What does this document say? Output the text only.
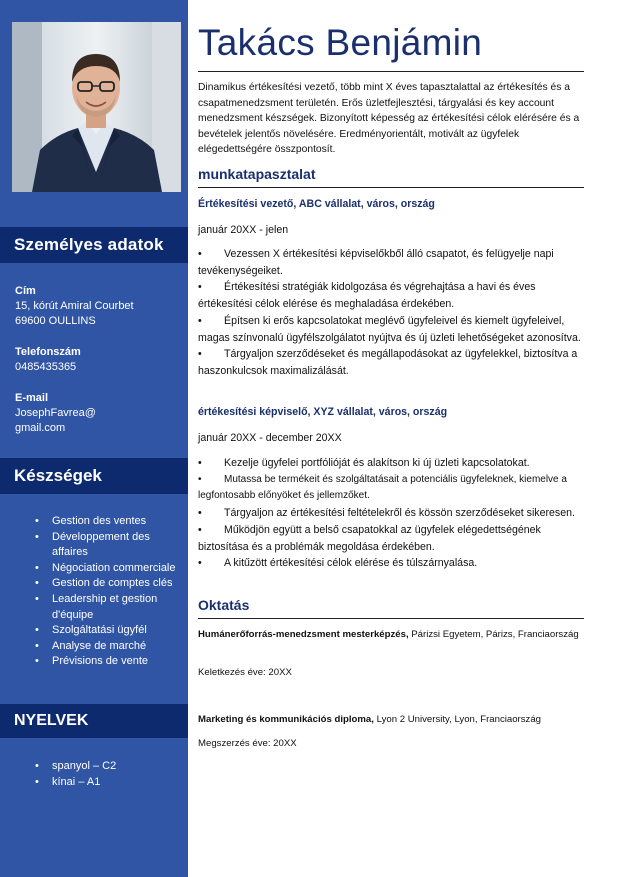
Személyes adatok
Cím
15, kórút Amiral Courbet
69600 OULLINS
Telefonszám
0485435365
E-mail
JosephFavrea@
gmail.com
Készségek
• Gestion des ventes
• Développement des affaires
• Négociation commerciale
• Gestion de comptes clés
• Leadership et gestion d'équipe
• Szolgáltatási ügyfél
• Analyse de marché
• Prévisions de vente
NYELVEK
• spanyol – C2
• kínai – A1
Takács Benjámin
Dinamikus értékesítési vezető, több mint X éves tapasztalattal az értékesítés és a csapatmenedzsment területén. Erős üzletfejlesztési, tárgyalási és key account menedzsment készségek. Bizonyított képesség az értékesítési célok elérésére és a bevételek jelentős növelésére. Eredményorientált, motivált az ügyfelek elégedettségére összpontosít.
munkatapasztalat
Értékesítési vezető, ABC vállalat, város, ország
január 20XX - jelen
• Vezessen X értékesítési képviselőkből álló csapatot, és felügyelje napi tevékenységeiket.
• Értékesítési stratégiák kidolgozása és végrehajtása a havi és éves értékesítési célok elérése és meghaladása érdekében.
• Építsen ki erős kapcsolatokat meglévő ügyfeleivel és kiemelt ügyfeleivel, magas színvonalú ügyfélszolgálatot nyújtva és új üzleti lehetőségeket azonosítva.
• Tárgyaljon szerződéseket és megállapodásokat az ügyfelekkel, biztosítva a haszonkulcsok maximalizálását.
értékesítési képviselő, XYZ vállalat, város, ország
január 20XX - december 20XX
• Kezelje ügyfelei portfólióját és alakítson ki új üzleti kapcsolatokat.
• Mutassa be termékeit és szolgáltatásait a potenciális ügyfeleknek, kiemelve a legfontosabb előnyöket és jellemzőket.
• Tárgyaljon az értékesítési feltételekről és kössön szerződéseket sikeresen.
• Működjön együtt a belső csapatokkal az ügyfelek elégedettségének biztosítása és a problémák megoldása érdekében.
• A kitűzött értékesítési célok elérése és túlszárnyalása.
Oktatás
Humánerőforrás-menedzsment mesterképzés, Párizsi Egyetem, Párizs, Franciaország
Keletkezés éve: 20XX
Marketing és kommunikációs diploma, Lyon 2 University, Lyon, Franciaország
Megszerzés éve: 20XX
